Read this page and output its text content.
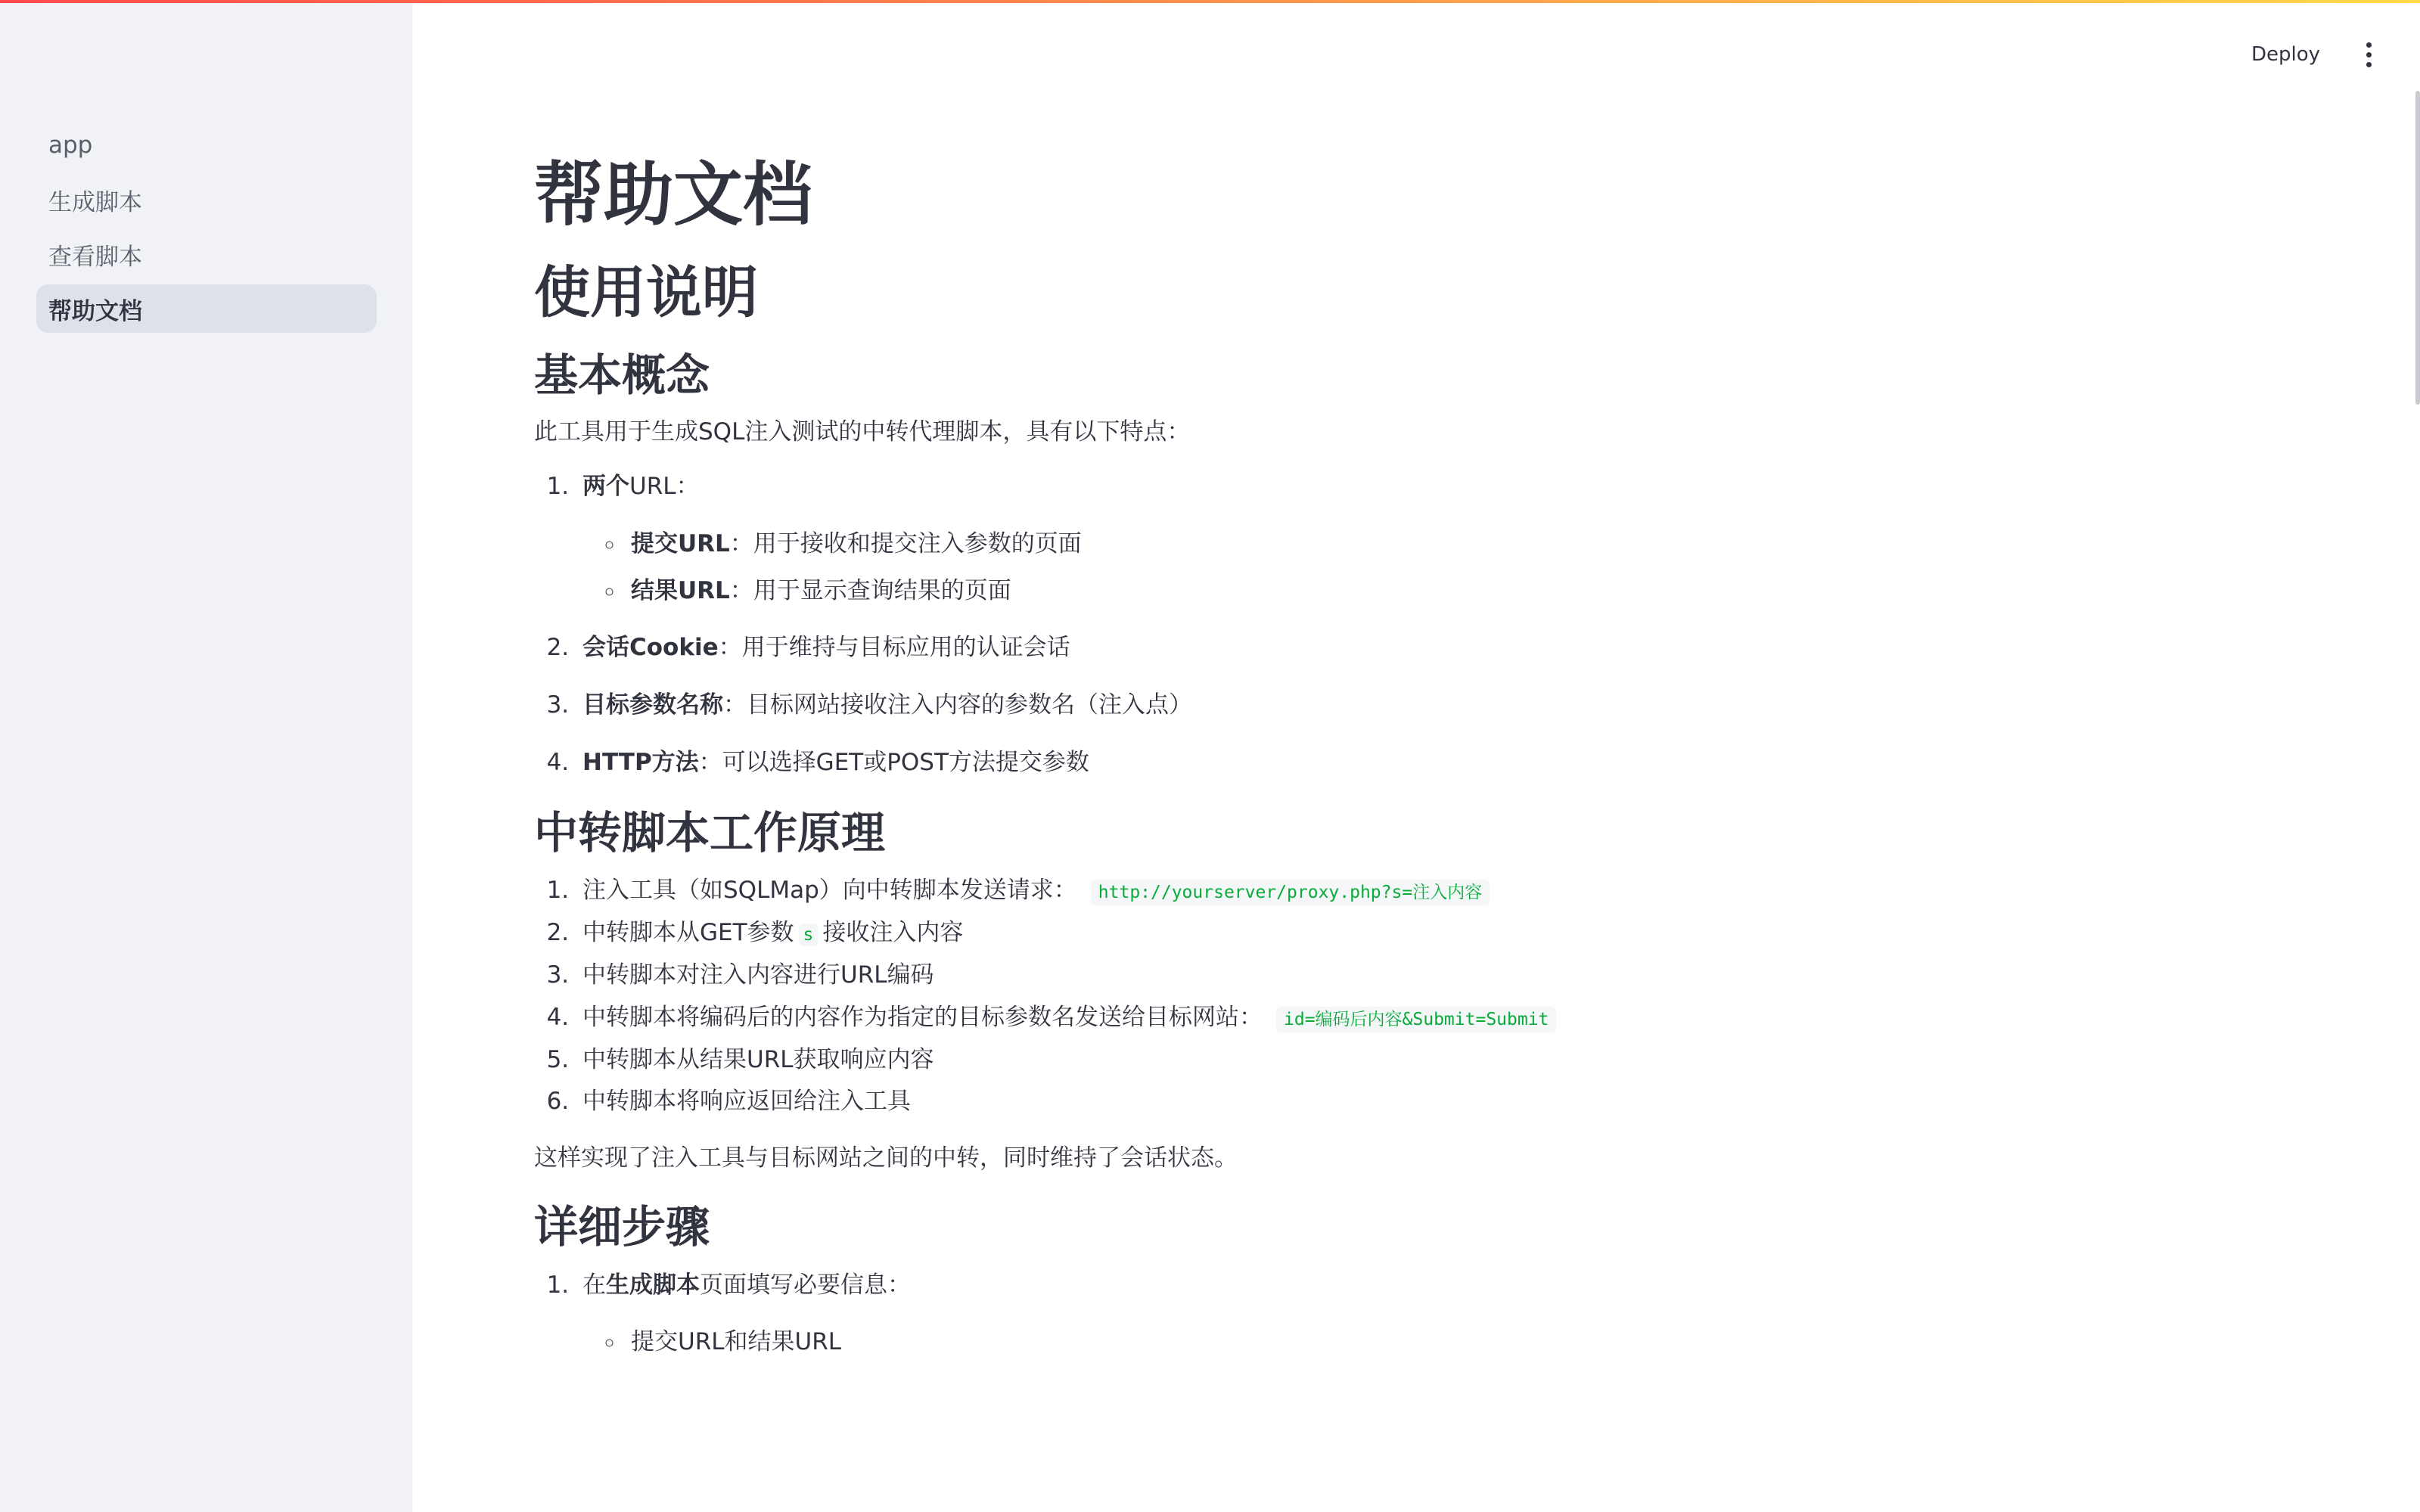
app
生成脚本
查看脚本
帮助文档
Deploy
帮助文档
使用说明
基本概念

此工具用于生成SQL注入测试的中转代理脚本，具有以下特点：

1. 两个URL：
◦ 提交URL：用于接收和提交注入参数的页面
◦ 结果URL：用于显示查询结果的页面
2. 会话Cookie：用于维持与目标应用的认证会话
3. 目标参数名称：目标网站接收注入内容的参数名（注入点）
4. HTTP方法：可以选择GET或POST方法提交参数
中转脚本工作原理
1. 注入工具（如SQLMap）向中转脚本发送请求： http://yourserver/proxy.php?s=注入内容
2. 中转脚本从GET参数 s 接收注入内容
3. 中转脚本对注入内容进行URL编码
4. 中转脚本将编码后的内容作为指定的目标参数名发送给目标网站： id=编码后内容&Submit=Submit
5. 中转脚本从结果URL获取响应内容
6. 中转脚本将响应返回给注入工具

这样实现了注入工具与目标网站之间的中转，同时维持了会话状态。

详细步骤
1. 在生成脚本页面填写必要信息：
◦ 提交URL和结果URL
